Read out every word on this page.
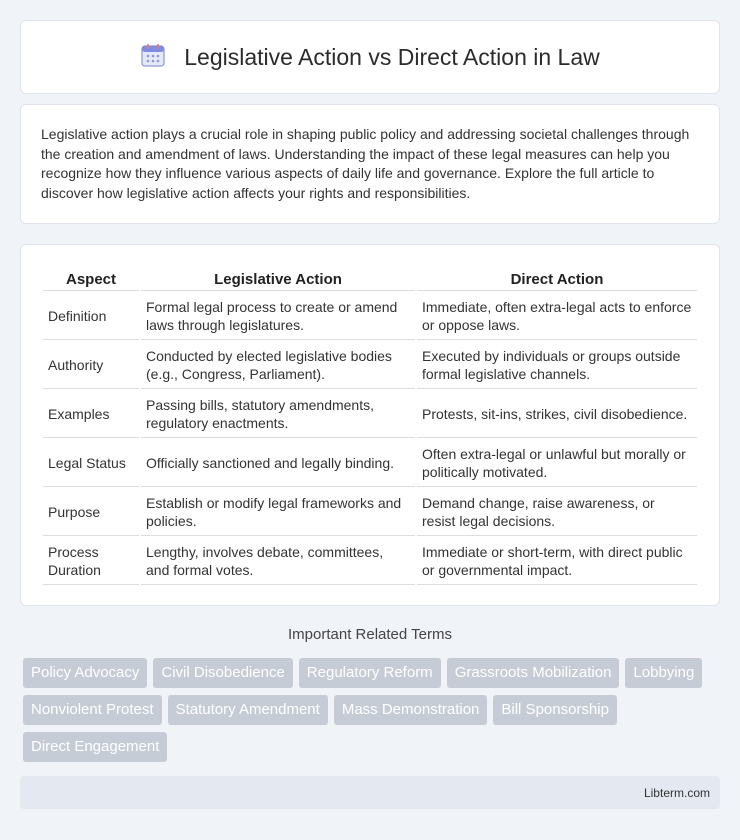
Legislative Action vs Direct Action in Law

Legislative action plays a crucial role in shaping public policy and addressing societal challenges through the creation and amendment of laws. Understanding the impact of these legal measures can help you recognize how they influence various aspects of daily life and governance. Explore the full article to discover how legislative action affects your rights and responsibilities.

Aspect	Legislative Action	Direct Action
Definition	Formal legal process to create or amend laws through legislatures.	Immediate, often extra-legal acts to enforce or oppose laws.
Authority	Conducted by elected legislative bodies (e.g., Congress, Parliament).	Executed by individuals or groups outside formal legislative channels.
Examples	Passing bills, statutory amendments, regulatory enactments.	Protests, sit-ins, strikes, civil disobedience.
Legal Status	Officially sanctioned and legally binding.	Often extra-legal or unlawful but morally or politically motivated.
Purpose	Establish or modify legal frameworks and policies.	Demand change, raise awareness, or resist legal decisions.
Process Duration	Lengthy, involves debate, committees, and formal votes.	Immediate or short-term, with direct public or governmental impact.
Important Related Terms
Policy Advocacy	Civil Disobedience	Regulatory Reform	Grassroots Mobilization	Lobbying
Nonviolent Protest	Statutory Amendment	Mass Demonstration	Bill Sponsorship
Direct Engagement
Libterm.com
